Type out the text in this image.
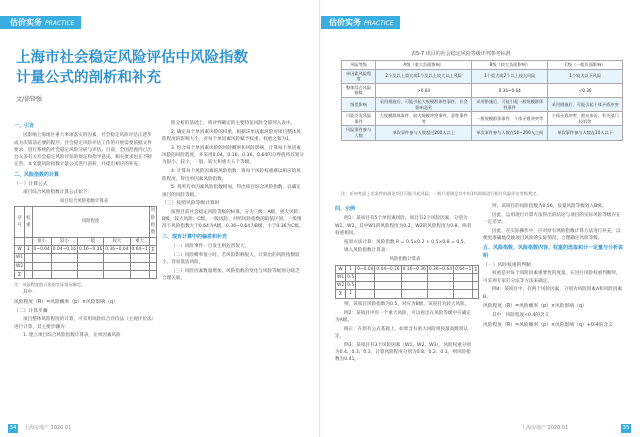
估价实务 PRACTICE
上海市社会稳定风险评估中风险指数
计量公式的剖析和补充
文/徐锋强
一、引言

因影响上海地区重大事项落实的因素，社会稳定风险评估正逐步成为决策前必要的程序。社会稳定风险评估工作的开展需要依据文件要求，进行系统的社会稳定风险分析与评估。目前，全国范围内已出台众多有关社会稳定风险评估的规定和指导意见，相关要求也在不断完善。本文就风险指数计量公式进行剖析，并提出相应的补充。

二、风险指数的计算
（一）计算公式

项目综合风险指数计算公式如下：

项目综合风险指数计算表
序号	权重	风险程度					风险指数
		很小	较小	一般	较大	重大	
W	1	0~0.04	0.04~0.16	0.16~0.36	0.36~0.64	0.64~1	∑
W1							
W2							
∑							
注：风险程度值可依据实际情况确定。

其中：

风险程度（R）=风险概率（p）×风险影响（q）
（二）计算步骤

项目整体风险程度的计算，可采用风险综合评价法（主观评价法）进行计算，其主要步骤为：

1. 建立项目综合风险指数计算表，在单因素风险

险分析的基础上，将评判确定的主要特征风险全部列入表中。

2. 确定每个单因素风险的权重，根据该单因素风险对项目整体风险程度的影响大小，对每个单因素风险赋予权重，权重之和为1。

3. 结合每个单因素风险的风险概率和风险影响，计算每个单因素风险的风险程度，并采用0.04、0.16、0.36、0.64的分界值将其划分为很小、较小、一般、较大和重大五个等级。

4. 计算每个风险因素的风险指数：将每个风险权重乘以相应的风险程度，得出单因素风险指数。

5. 将所有单因素风险指数相加，得出项目综合风险指数，以确定项目的风险等级。

（三）按照风险等级计算时

按照目前社会稳定风险等级的标准，分为三级：A级，重大风险；B级，较大风险；C级，一般风险。对照风险指数的取值区间，一般情况下风险指数大于0.64为A级，0.36~0.64为B级，小于0.36为C级。

三、现有计算中的偏差和补充

（一）风险事件一旦发生则危害很大。

（二）风险概率很小时，若风险影响很大，计算出的风险指数较小，容易低估风险。

（三）风险因素数量增加，风险指数的变化与风险等级划分缺乏合理关联。

34	上海房地产 2020.01
估价实务 PRACTICE
表5-7 项目的社会稳定风险等级评判参考标准
风险等级	A级（重大负面影响）	B级（较大负面影响）	C级（一般负面影响）
单因素风险程度	2个及以上重大或1个及以上较大以上风险	1个重大或2个以上较大风险	1个较大以下风险
整体综合风险指数	>0.64	0.36~0.64	<0.36
级差影响	采用措施后，可能引起大规模群体性事件，社会影响恶劣	采用措施后，可能引起一般规模群体性事件	采用措施后，可能引起个体矛盾冲突
可能引发风险事件	大规模群体事件、较大规模冲突事件、恶性事件等	一般规模群体事件、个体矛盾冲突等	个体矛盾冲突、群众来访、有关部门投诉等
风险事件参与人数	单次事件参与人数超过200人以上	单次事件参与人数在50~200人之间	单次事件参与人数在10人以下
注：任何考虑上述条件的满足项目可能引起风险、一般只要满足其中的1项即需进行相应风险评估等级判定。
四、示例

例1：某项目有5个单因素风险，项目有2个风险因素，分别为W1、W2，其中W1的风险程度为0.2，W2的风险程度为0.8，两者权重相同。

按原方法计算：风险指数 R = 0.5×0.2 + 0.5×0.8 = 0.5。

填入风险指数计算表：

风险指数计算表
W	1	0~0.04	0.04~0.16	0.16~0.36	0.36~0.64	0.64~1	∑
W1	0.5						
W2	0.5						
∑	1						

则，该项目风险指数为0.5，对应为B级，该项目为较大风险。

例2：某项目中有一个重大风险，可以看出在风险等级中应确定为A级。

修正：在原有公式基础上，如果含有重大风险则按最高级别认定。

例3：某项目有3个风险因素（W1、W2、W3），风险权重分别为0.4、0.3、0.3，计算风险程度分别为0.8、0.2、0.1，则风险指数为0.41。

则，该项目的风险指数为0.56，按量风险等级划入B级。

因此，运用现行计算方法得出的结论与项目的实际风险等级存在一定差异。

因此，在实际操作中，应对原有风险指数计算方法进行补充，以便更准确地反映项目风险的实际情况，合理确定风险等级。

五、风险指数、风险指数内容、权重的选取和计一定量与分析说明
（一）风险权重的判断

权重是对每个风险因素重要性的度量。在进行风险权重判断时，可采用专家打分法等方法来确定。

例4：某项目中，有两个风险因素，分别为风险因素A和风险因素B。

风险程度（R）=风险概率（p）×风险影响（q）

其中：风险程度<0.4的含义

风险程度（R）=风险概率（p）×风险影响（q）+0.4的含义
上海房地产 2020.01	35
